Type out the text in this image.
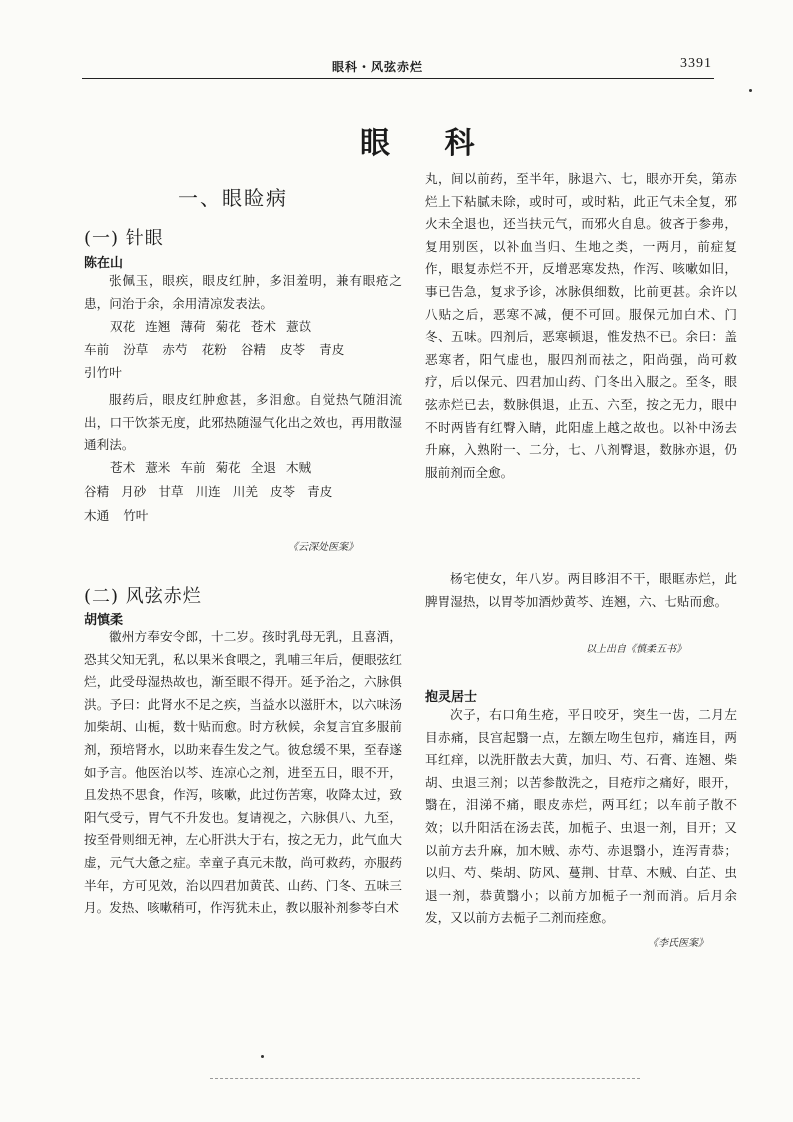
眼科・风弦赤烂	3391
眼 科
一、眼睑病
(一) 针眼
陈在山
张佩玉，眼疾，眼皮红肿，多泪羞明，兼有眼疮之患，问治于余，余用清凉发表法。
双花 连翘 薄荷 菊花 苍术 薏苡
车前 汾草 赤芍 花粉 谷精 皮苓 青皮
引竹叶
服药后，眼皮红肿愈甚，多泪愈。自觉热气随泪流出，口干饮茶无度，此邪热随湿气化出之效也，再用散湿通利法。
苍术 薏米 车前 菊花 全退 木贼
谷精 月砂 甘草 川连 川羌 皮苓 青皮
木通 竹叶
《云深处医案》
(二) 风弦赤烂
胡慎柔
徽州方奉安令郎，十二岁。孩时乳母无乳，且喜酒，恐其父知无乳，私以果米食喂之，乳哺三年后，便眼弦红烂，此受母湿热故也，渐至眼不得开。延予治之，六脉俱洪。予曰：此肾水不足之疾，当益水以滋肝木，以六味汤加柴胡、山栀，数十贴而愈。时方秋候，余复言宜多服前剂，预培肾水，以助来春生发之气。彼怠缓不果，至春遂如予言。他医治以芩、连凉心之剂，进至五日，眼不开，且发热不思食，作泻，咳嗽，此过伤苦寒，收降太过，致阳气受亏，胃气不升发也。复请视之，六脉俱八、九至，按至骨则细无神，左心肝洪大于右，按之无力，此气血大虚，元气大惫之症。幸童子真元未散，尚可救药，亦服药半年，方可见效，治以四君加黄芪、山药、门冬、五味三月。发热、咳嗽稍可，作泻犹未止，教以服补剂参苓白术
丸，间以前药，至半年，脉退六、七，眼亦开矣，第赤烂上下粘腻未除，或时可，或时粘，此正气未全复，邪火未全退也，还当扶元气，而邪火自息。彼吝于参弗，复用别医，以补血当归、生地之类，一两月，前症复作，眼复赤烂不开，反增恶寒发热，作泻、咳嗽如旧，事已告急，复求予诊，冰脉俱细数，比前更甚。余许以八贴之后，恶寒不减，便不可回。服保元加白术、门冬、五味。四剂后，恶寒顿退，惟发热不已。余曰：盖恶寒者，阳气虚也，服四剂而祛之，阳尚强，尚可救疗，后以保元、四君加山药、门冬出入服之。至冬，眼弦赤烂已去，数脉俱退，止五、六至，按之无力，眼中不时两皆有红臀入睛，此阳虚上越之故也。以补中汤去升麻，入熟附一、二分，七、八剂臀退，数脉亦退，仍服前剂而全愈。
杨宅使女，年八岁。两目眵泪不干，眼眶赤烂，此脾胃湿热，以胃苓加酒炒黄芩、连翘，六、七贴而愈。
以上出自《慎柔五书》
抱灵居士
次子，右口角生疮，平日咬牙，突生一齿，二月左目赤痛，艮宫起翳一点，左额左吻生包疖，痛连目，两耳红痒，以洗肝散去大黄，加归、芍、石膏、连翘、柴胡、虫退三剂；以苦参散洗之，目疮疖之痛好，眼开，翳在，泪涕不痛，眼皮赤烂，两耳红；以车前子散不效；以升阳活在汤去芪，加栀子、虫退一剂，目开；又以前方去升麻，加木贼、赤芍、赤退翳小，连泻青恭；以归、芍、柴胡、防风、蔓荆、甘草、木贼、白芷、虫退一剂，恭黄翳小；以前方加栀子一剂而消。后月余发，又以前方去栀子二剂而痊愈。
《李氏医案》
